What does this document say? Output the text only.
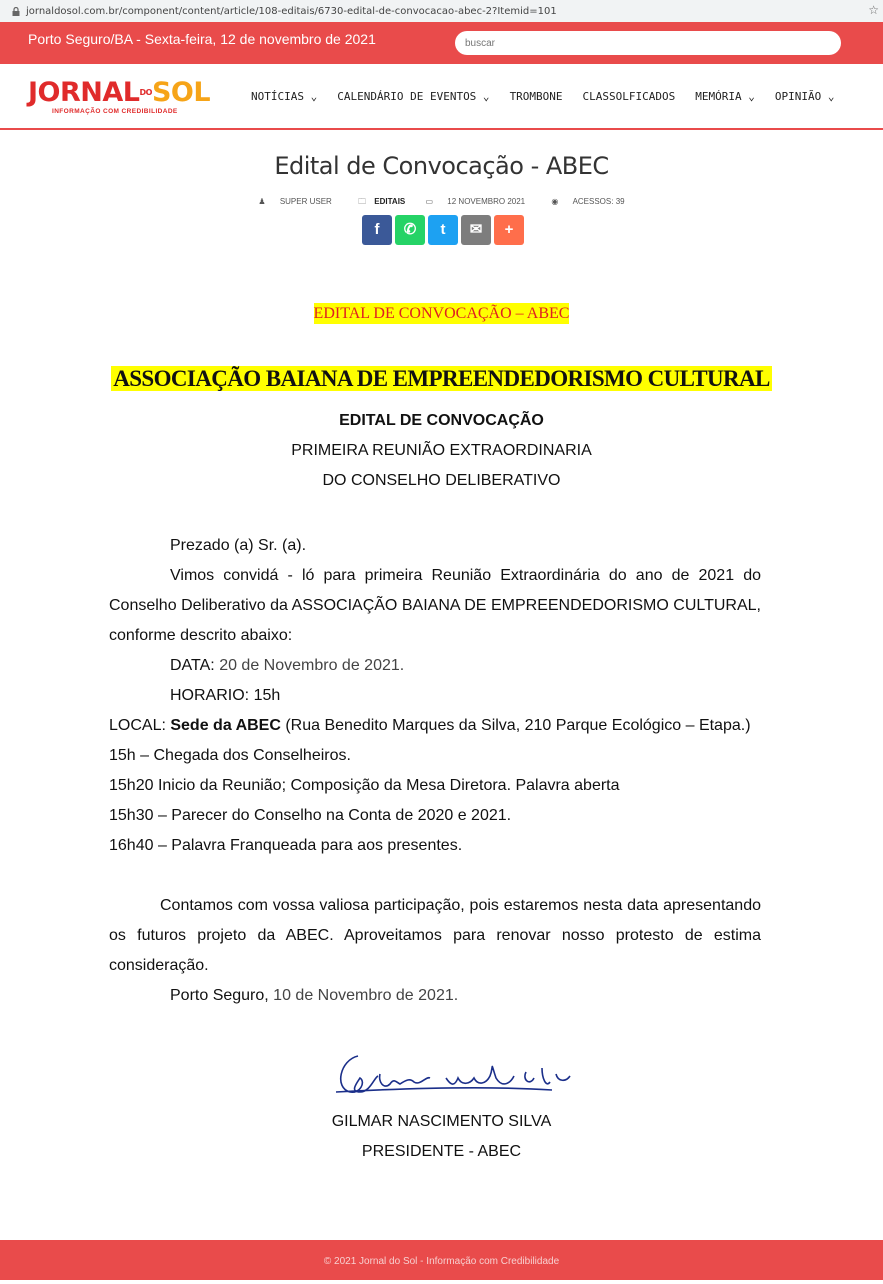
jornaldosol.com.br/component/content/article/108-editais/6730-edital-de-convocacao-abec-2?Itemid=101	☆
Porto Seguro/BA - Sexta-feira, 12 de novembro de 2021
buscar
$JORNAL^{DO}SOL$
INFORMAÇÃO COM CREDIBILIDADE
NOTÍCIAS ⌄ CALENDÁRIO DE EVENTOS ⌄ TROMBONE CLASSOLFICADOS MEMÓRIA ⌄ OPINIÃO ⌄
Edital de Convocação - ABEC
♟ SUPER USER	🗀 EDITAIS	▭ 12 NOVEMBRO 2021	◉ ACESSOS: 39
f	✆	t	✉	+
EDITAL DE CONVOCAÇÃO – ABEC
ASSOCIAÇÃO BAIANA DE EMPREENDEDORISMO CULTURAL
EDITAL DE CONVOCAÇÃO
PRIMEIRA REUNIÃO EXTRAORDINARIA
DO CONSELHO DELIBERATIVO
Prezado (a) Sr. (a).
Vimos convidá - ló para primeira Reunião Extraordinária do ano de 2021 do Conselho Deliberativo da ASSOCIAÇÃO BAIANA DE EMPREENDEDORISMO CULTURAL, conforme descrito abaixo:
DATA: 20 de Novembro de 2021.
HORARIO: 15h
LOCAL: Sede da ABEC (Rua Benedito Marques da Silva, 210 Parque Ecológico – Etapa.)
15h – Chegada dos Conselheiros.
15h20 Inicio da Reunião; Composição da Mesa Diretora. Palavra aberta
15h30 – Parecer do Conselho na Conta de 2020 e 2021.
16h40 – Palavra Franqueada para aos presentes.
Contamos com vossa valiosa participação, pois estaremos nesta data apresentando os futuros projeto da ABEC. Aproveitamos para renovar nosso protesto de estima consideração.
Porto Seguro, 10 de Novembro de 2021.
GILMAR NASCIMENTO SILVA
PRESIDENTE - ABEC
© 2021 Jornal do Sol - Informação com Credibilidade
